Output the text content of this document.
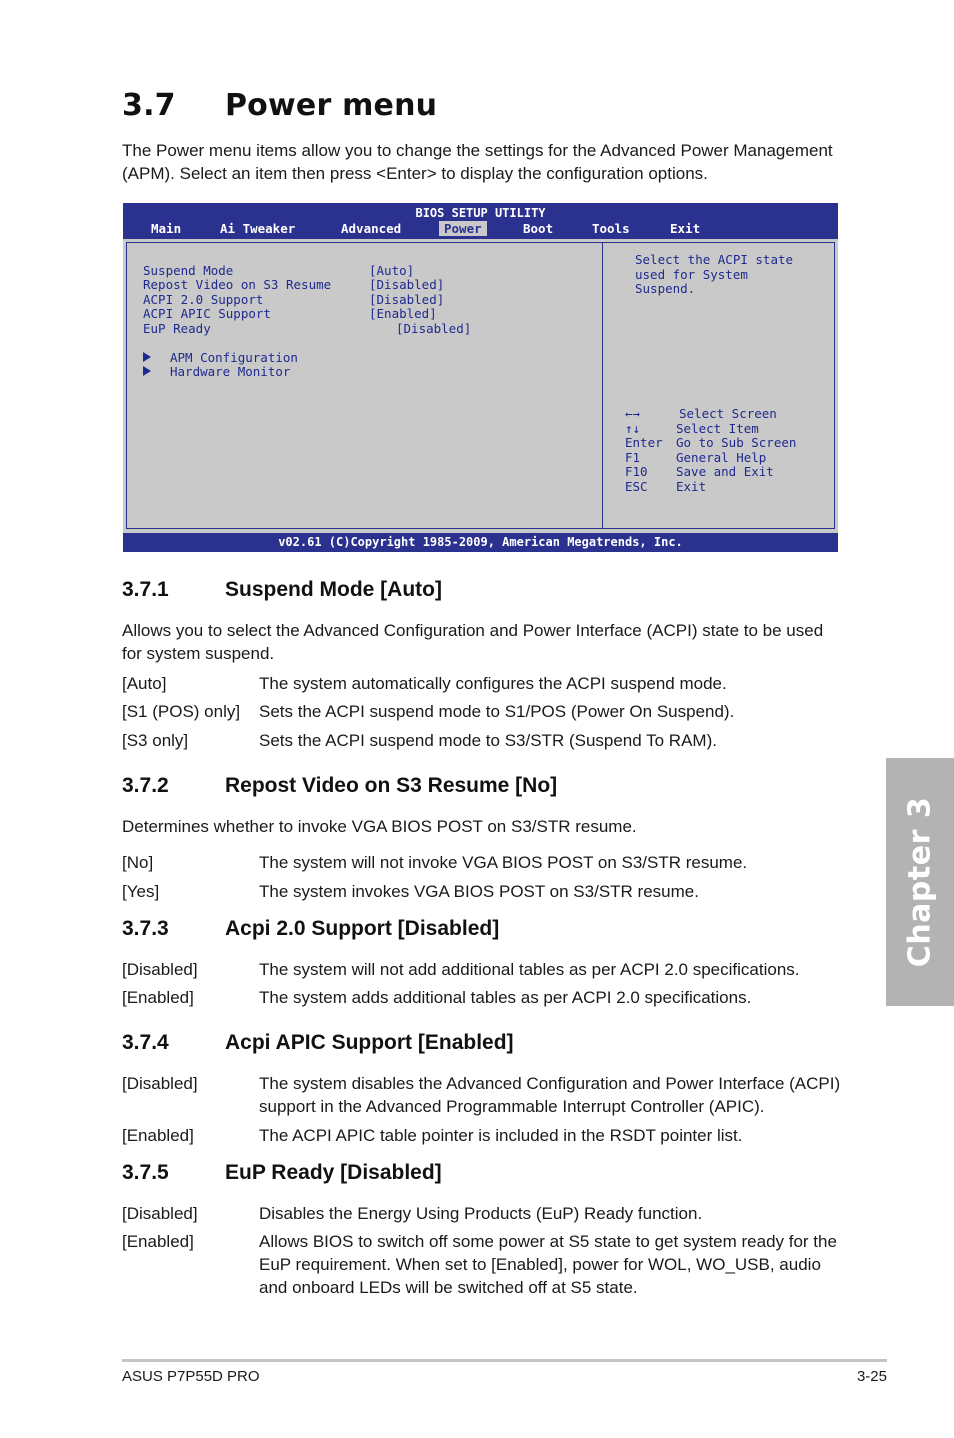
3.7 Power menu

The Power menu items allow you to change the settings for the Advanced Power Management (APM). Select an item then press <Enter> to display the configuration options.

BIOS SETUP UTILITY
Main	Ai Tweaker	Advanced	Power	Boot	Tools	Exit
Suspend Mode	[Auto]
Repost Video on S3 Resume	[Disabled]
ACPI 2.0 Support	[Disabled]
ACPI APIC Support	[Enabled]
EuP Ready	[Disabled]
APM Configuration
Hardware Monitor
Select the ACPI state
used for System
Suspend.
←→	Select Screen
↑↓	Select Item
Enter Go to Sub Screen
F1	General Help
F10 Save and Exit
ESC Exit
v02.61 (C)Copyright 1985-2009, American Megatrends, Inc.
3.7.1	Suspend Mode [Auto]

Allows you to select the Advanced Configuration and Power Interface (ACPI) state to be used for system suspend.

[Auto]	The system automatically configures the ACPI suspend mode.
[S1 (POS) only] Sets the ACPI suspend mode to S1/POS (Power On Suspend).
[S3 only]	Sets the ACPI suspend mode to S3/STR (Suspend To RAM).
3.7.2	Repost Video on S3 Resume [No]

Determines whether to invoke VGA BIOS POST on S3/STR resume.

[No]	The system will not invoke VGA BIOS POST on S3/STR resume.
[Yes]	The system invokes VGA BIOS POST on S3/STR resume.
3.7.3	Acpi 2.0 Support [Disabled]
[Disabled]	The system will not add additional tables as per ACPI 2.0 specifications.
[Enabled]	The system adds additional tables as per ACPI 2.0 specifications.
3.7.4	Acpi APIC Support [Enabled]
[Disabled]	The system disables the Advanced Configuration and Power Interface (ACPI) support in the Advanced Programmable Interrupt Controller (APIC).
[Enabled]	The ACPI APIC table pointer is included in the RSDT pointer list.
3.7.5	EuP Ready [Disabled]
[Disabled]	Disables the Energy Using Products (EuP) Ready function.
[Enabled]	Allows BIOS to switch off some power at S5 state to get system ready for the EuP requirement. When set to [Enabled], power for WOL, WO_USB, audio and onboard LEDs will be switched off at S5 state.
Chapter 3
ASUS P7P55D PRO	3-25
